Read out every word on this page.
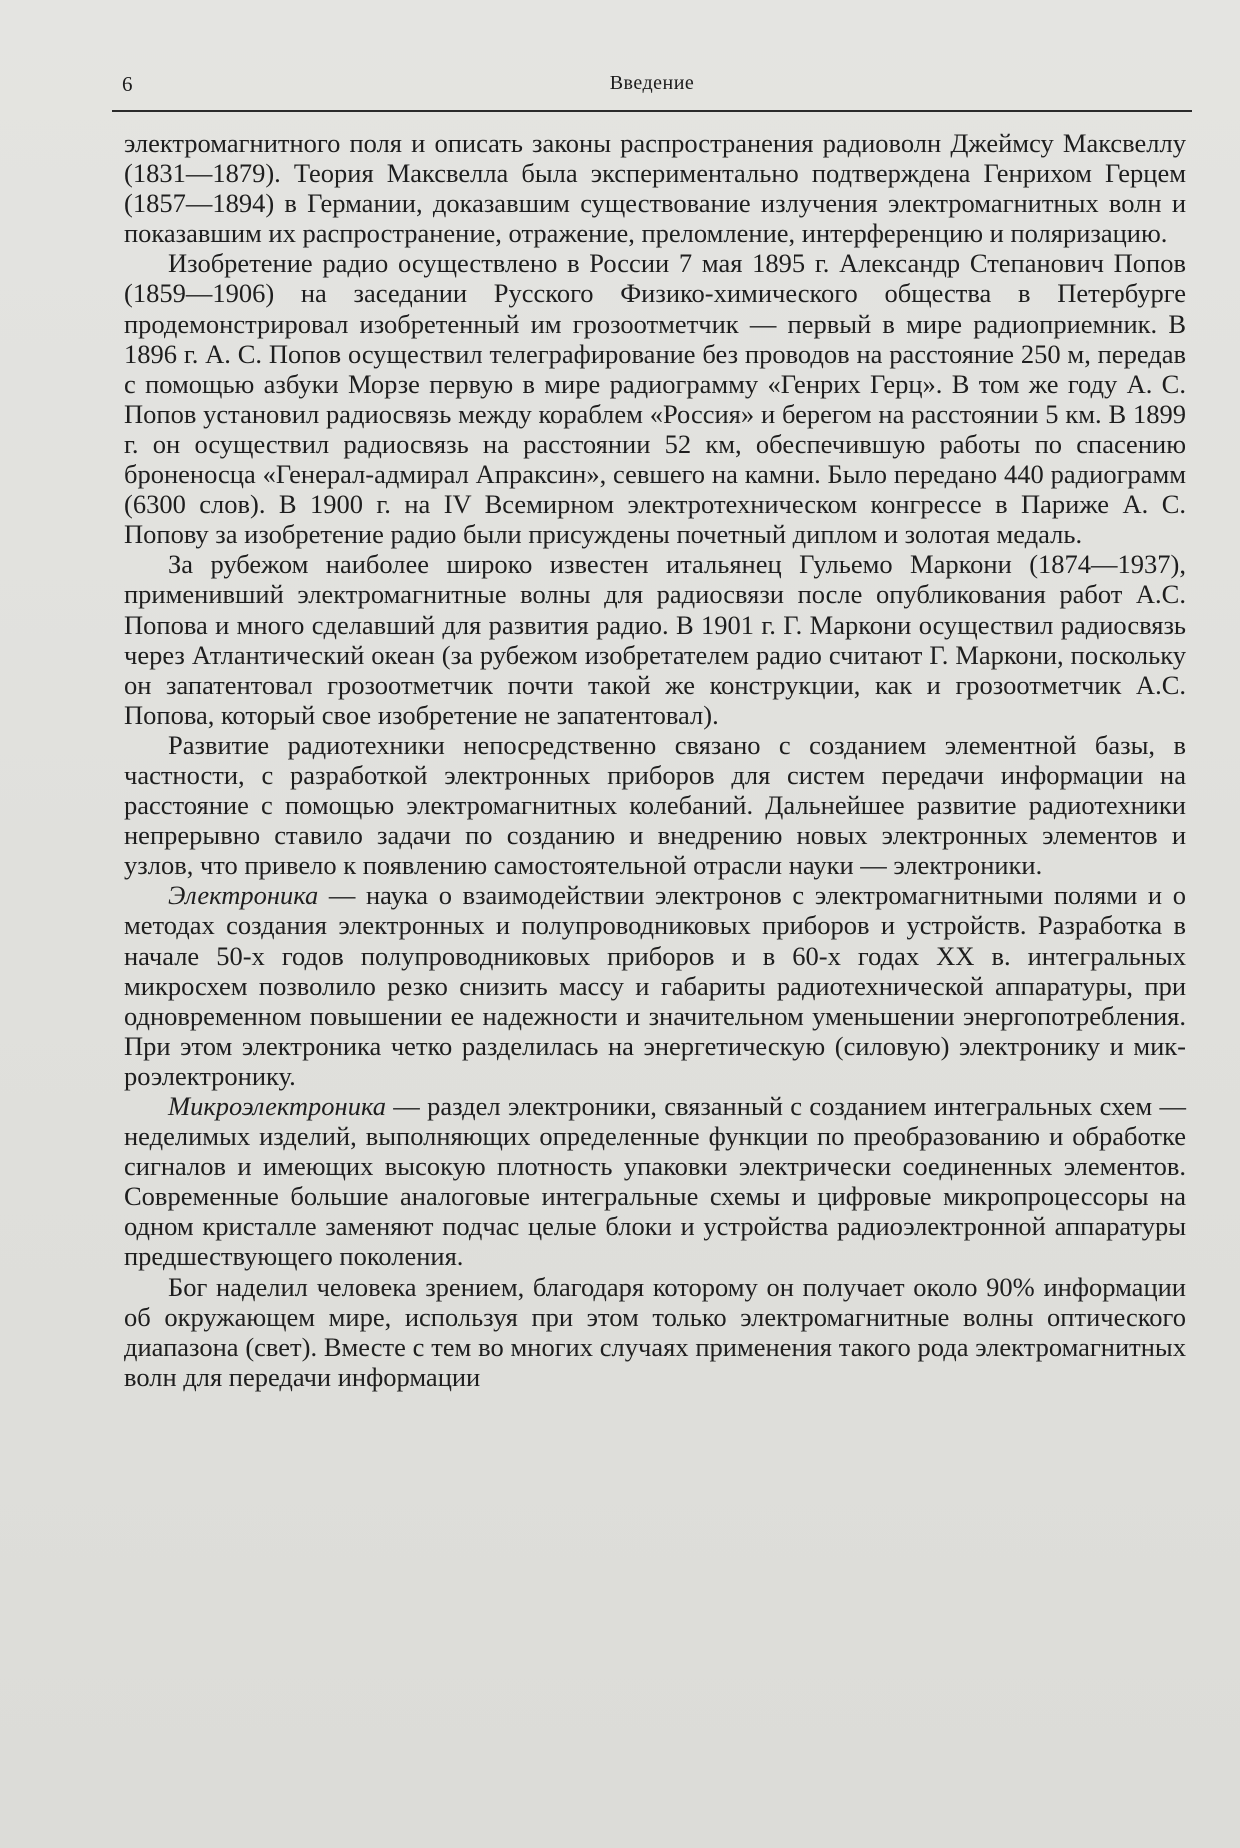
6	Введение

электромагнитного поля и описать законы распространения радиоволн Джеймсу Максвеллу (1831—1879). Теория Максвелла была экспериментально подтверждена Генрихом Герцем (1857—1894) в Германии, доказавшим существование излучения электромагнитных волн и показавшим их распространение, отражение, преломление, интерференцию и поляризацию.

Изобретение радио осуществлено в России 7 мая 1895 г. Александр Степанович Попов (1859—1906) на заседании Русского Физико-химического общества в Петербурге продемонстрировал изобретенный им грозоотметчик — первый в мире радиоприемник. В 1896 г. А. С. Попов осуществил телеграфирование без проводов на расстояние 250 м, передав с помощью азбуки Морзе первую в мире радиограмму «Генрих Герц». В том же году А. С. Попов установил радиосвязь между кораблем «Россия» и берегом на расстоянии 5 км. В 1899 г. он осуществил радиосвязь на расстоянии 52 км, обеспечившую работы по спасению броненосца «Генерал-адмирал Апраксин», севшего на камни. Было передано 440 радиограмм (6300 слов). В 1900 г. на IV Всемирном электротехническом конгрессе в Париже А. С. Попову за изобретение радио были присуждены почетный диплом и золотая медаль.

За рубежом наиболее широко известен итальянец Гульемо Маркони (1874—1937), применивший электромагнитные волны для радиосвязи после опубликования работ А.С. Попова и много сделавший для развития радио. В 1901 г. Г. Маркони осуществил радиосвязь через Атлантический океан (за рубежом изобретателем радио считают Г. Маркони, поскольку он запатентовал грозоотметчик почти такой же конструкции, как и грозоотметчик А.С. Попова, который свое изобретение не запатентовал).

Развитие радиотехники непосредственно связано с созданием элементной базы, в частности, с разработкой электронных приборов для систем передачи информации на расстояние с помощью электромагнитных колебаний. Дальнейшее развитие радиотехники непрерывно ставило задачи по созданию и внедрению новых электронных элементов и узлов, что привело к появлению самостоятельной отрасли науки — электроники.

Электроника — наука о взаимодействии электронов с электромагнитными полями и о методах создания электронных и полупроводниковых приборов и устройств. Разработка в начале 50-х годов полупроводниковых приборов и в 60-х годах XX в. интегральных микросхем позволило резко снизить массу и габариты радиотехнической аппаратуры, при одновременном повышении ее надежности и значительном уменьшении энергопотребления. При этом электроника четко разделилась на энергетическую (силовую) электронику и микроэлектронику.

Микроэлектроника — раздел электроники, связанный с созданием интегральных схем — неделимых изделий, выполняющих определенные функции по преобразованию и обработке сигналов и имеющих высокую плотность упаковки электрически соединенных элементов. Современные большие аналоговые интегральные схемы и цифровые микропроцессоры на одном кристалле заменяют подчас целые блоки и устройства радиоэлектронной аппаратуры предшествующего поколения.

Бог наделил человека зрением, благодаря которому он получает около 90% информации об окружающем мире, используя при этом только электромагнитные волны оптического диапазона (свет). Вместе с тем во многих случаях применения такого рода электромагнитных волн для передачи информации
